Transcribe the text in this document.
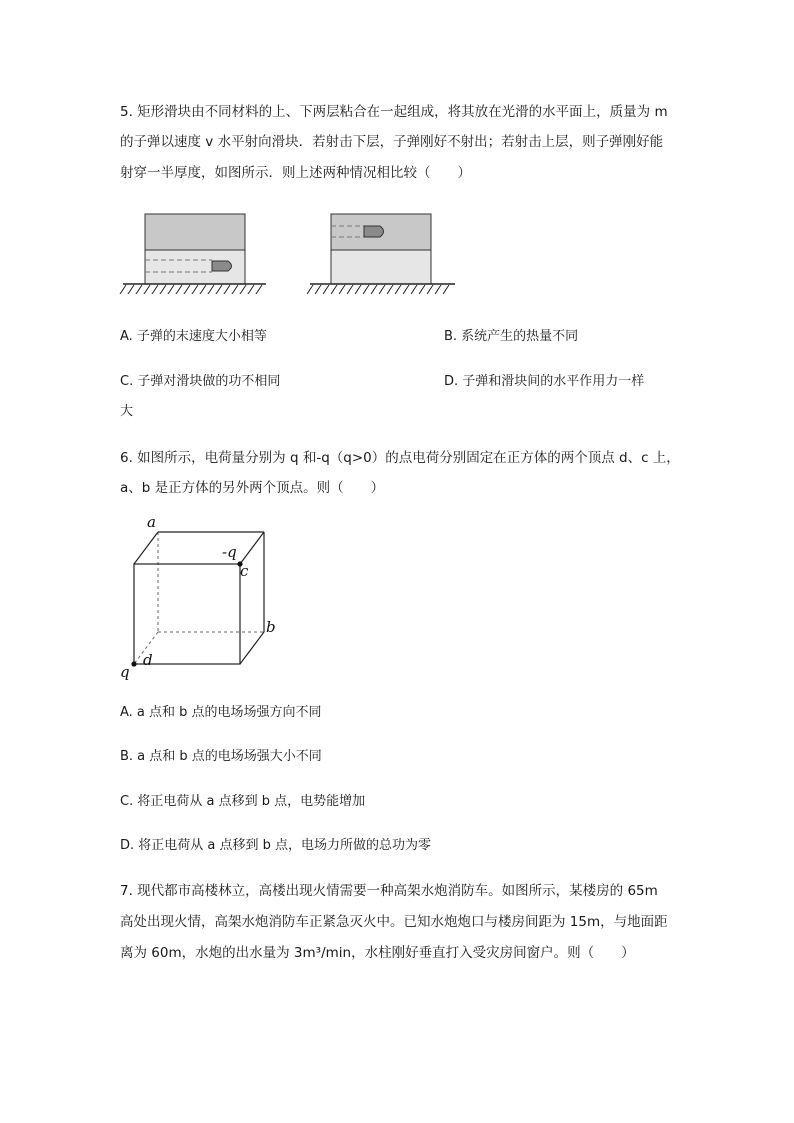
5. 矩形滑块由不同材料的上、下两层粘合在一起组成，将其放在光滑的水平面上，质量为 m
的子弹以速度 v 水平射向滑块．若射击下层，子弹刚好不射出；若射击上层，则子弹刚好能
射穿一半厚度，如图所示．则上述两种情况相比较（　　）
A. 子弹的末速度大小相等	B. 系统产生的热量不同
C. 子弹对滑块做的功不相同	D. 子弹和滑块间的水平作用力一样
大
6. 如图所示，电荷量分别为 q 和-q（q>0）的点电荷分别固定在正方体的两个顶点 d、c 上，
a、b 是正方体的另外两个顶点。则（　　）
a
b
c
d
-q
q
A. a 点和 b 点的电场场强方向不同
B. a 点和 b 点的电场场强大小不同
C. 将正电荷从 a 点移到 b 点，电势能增加
D. 将正电荷从 a 点移到 b 点，电场力所做的总功为零
7. 现代都市高楼林立，高楼出现火情需要一种高架水炮消防车。如图所示，某楼房的 65m
高处出现火情，高架水炮消防车正紧急灭火中。已知水炮炮口与楼房间距为 15m，与地面距
离为 60m，水炮的出水量为 3m³/min，水柱刚好垂直打入受灾房间窗户。则（　　）
